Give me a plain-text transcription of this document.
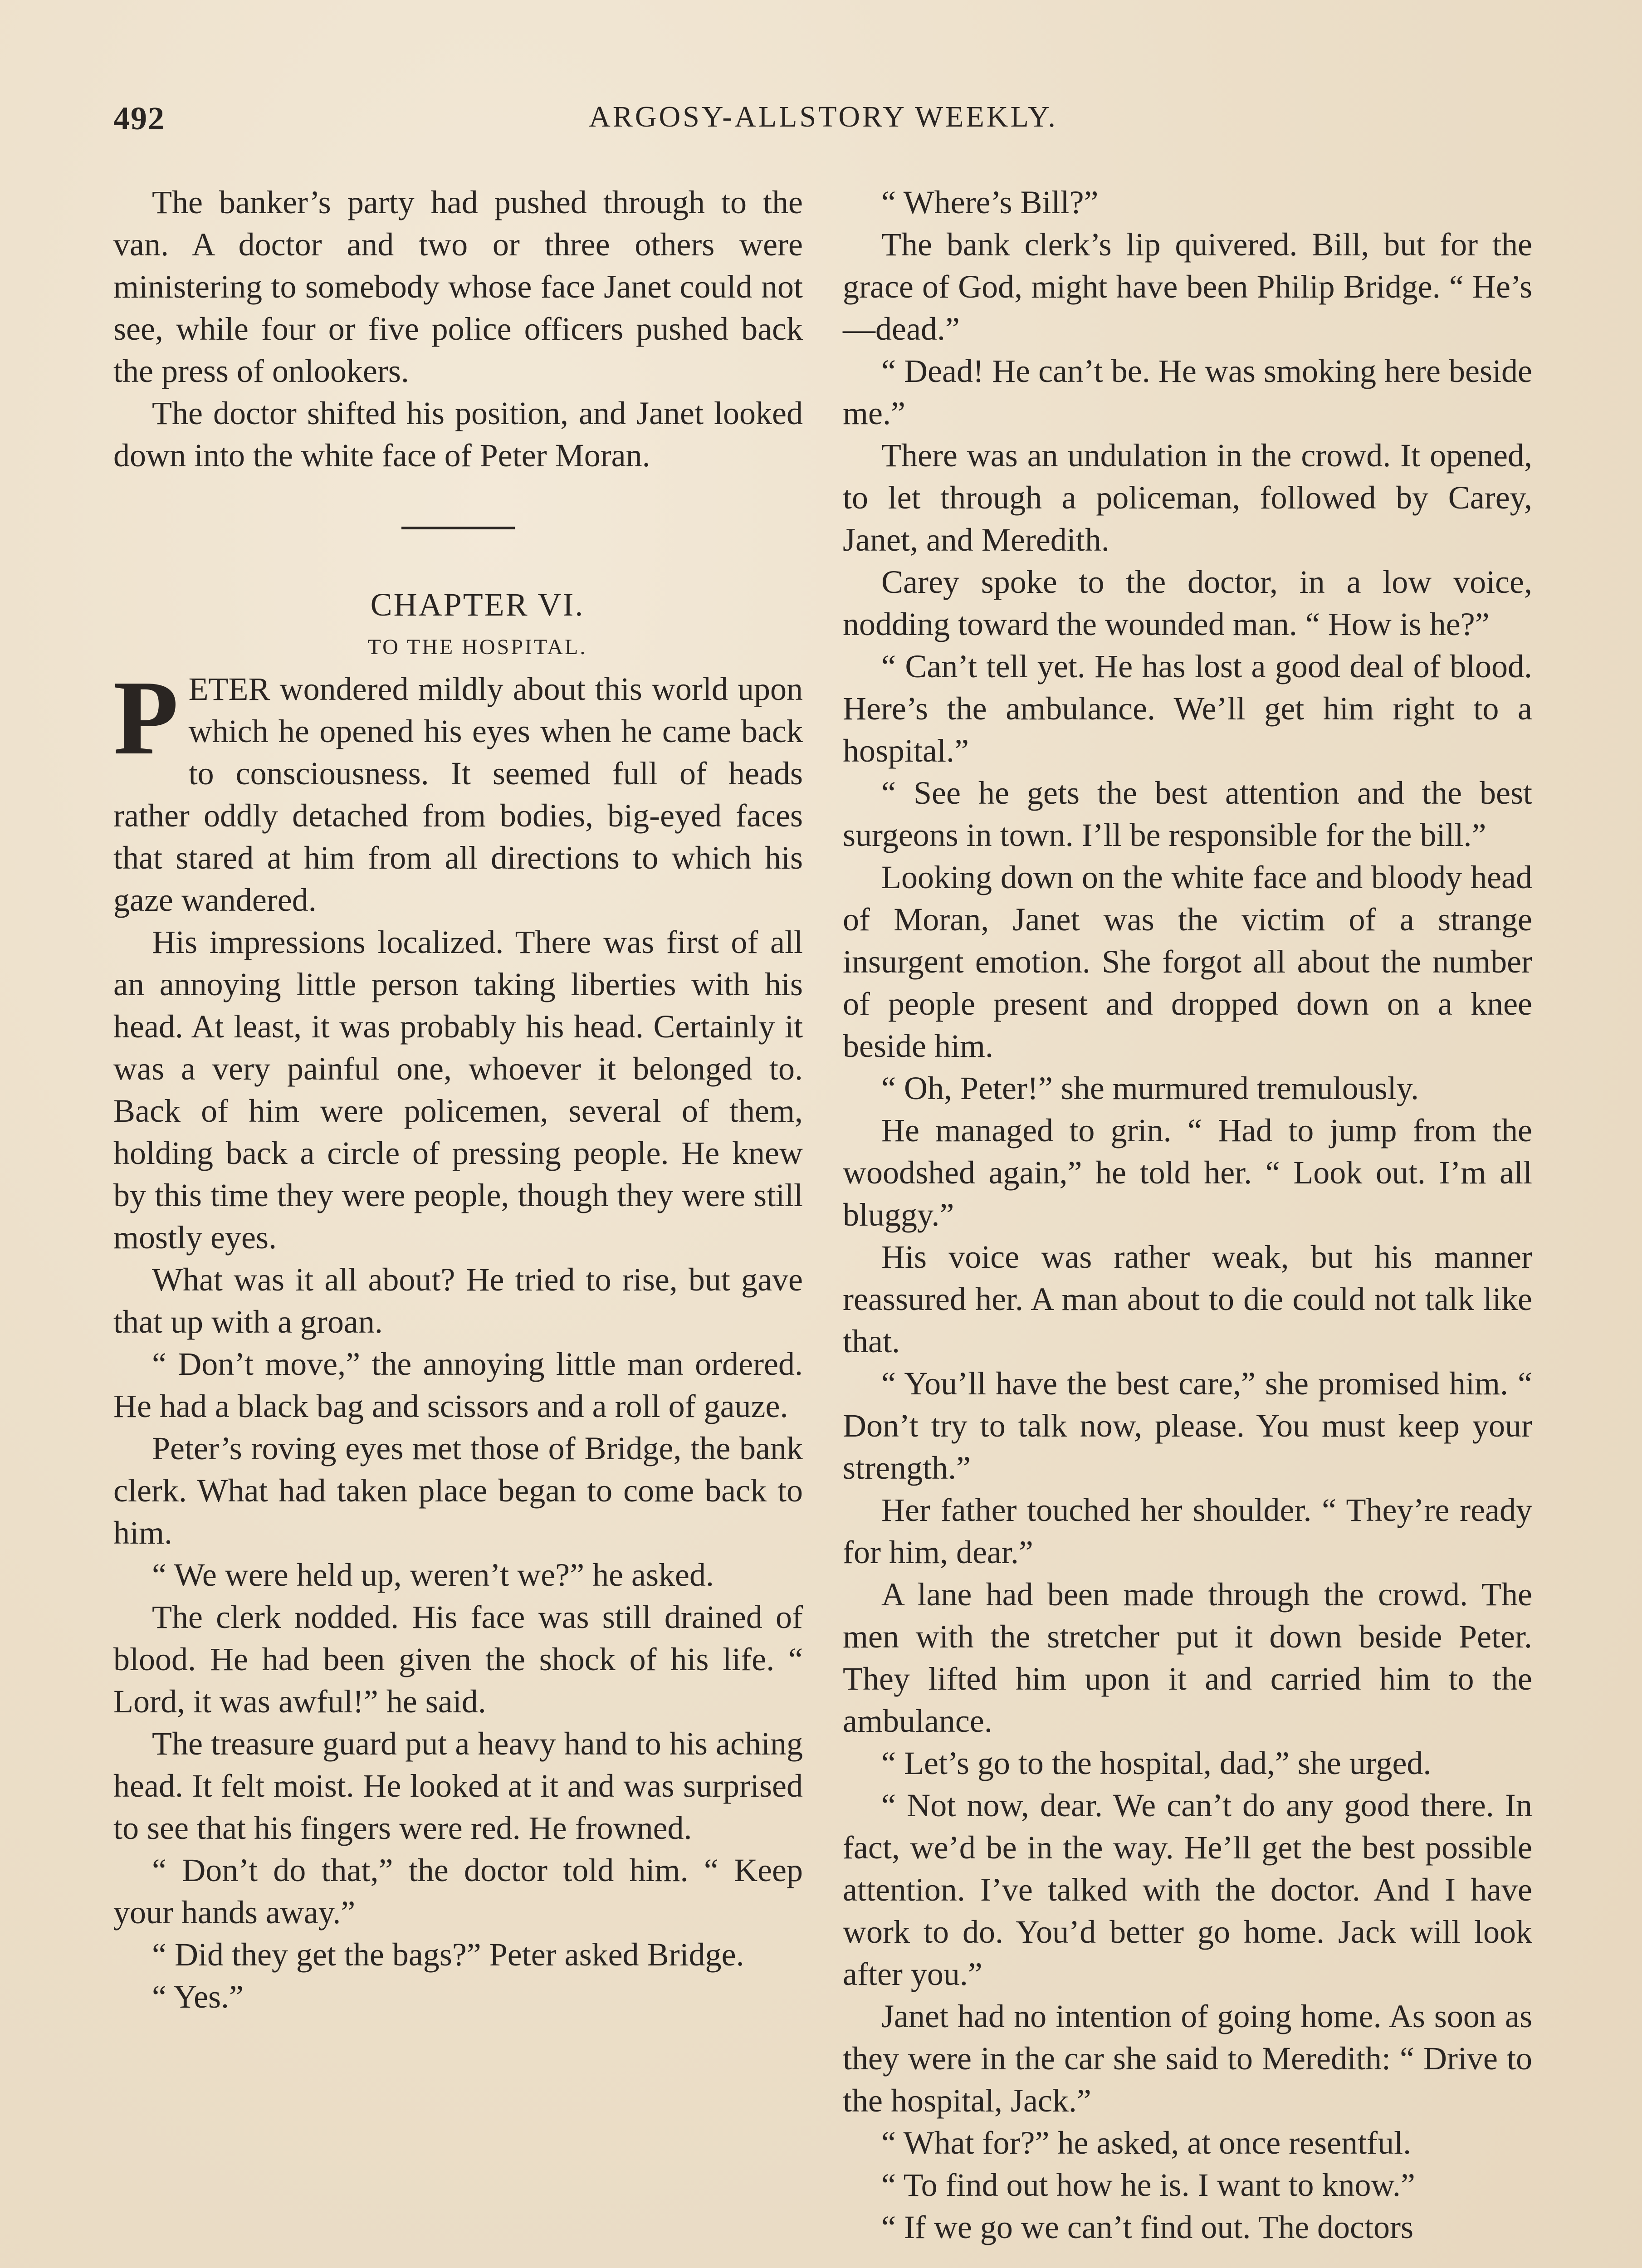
492	ARGOSY-ALLSTORY WEEKLY.

The banker’s party had pushed through to the van. A doctor and two or three others were ministering to somebody whose face Janet could not see, while four or five police officers pushed back the press of onlookers.

The doctor shifted his position, and Janet looked down into the white face of Peter Moran.

CHAPTER VI.

TO THE HOSPITAL.

PETER wondered mildly about this world upon which he opened his eyes when he came back to consciousness. It seemed full of heads rather oddly detached from bodies, big-eyed faces that stared at him from all directions to which his gaze wandered.

His impressions localized. There was first of all an annoying little person taking liberties with his head. At least, it was probably his head. Certainly it was a very painful one, whoever it belonged to. Back of him were policemen, several of them, holding back a circle of pressing people. He knew by this time they were people, though they were still mostly eyes.

What was it all about? He tried to rise, but gave that up with a groan.

“ Don’t move,” the annoying little man ordered. He had a black bag and scissors and a roll of gauze.

Peter’s roving eyes met those of Bridge, the bank clerk. What had taken place began to come back to him.

“ We were held up, weren’t we?” he asked.

The clerk nodded. His face was still drained of blood. He had been given the shock of his life. “ Lord, it was awful!” he said.

The treasure guard put a heavy hand to his aching head. It felt moist. He looked at it and was surprised to see that his fingers were red. He frowned.

“ Don’t do that,” the doctor told him. “ Keep your hands away.”

“ Did they get the bags?” Peter asked Bridge.

“ Yes.”

“ Where’s Bill?”

The bank clerk’s lip quivered. Bill, but for the grace of God, might have been Philip Bridge. “ He’s—dead.”

“ Dead! He can’t be. He was smoking here beside me.”

There was an undulation in the crowd. It opened, to let through a policeman, followed by Carey, Janet, and Meredith.

Carey spoke to the doctor, in a low voice, nodding toward the wounded man. “ How is he?”

“ Can’t tell yet. He has lost a good deal of blood. Here’s the ambulance. We’ll get him right to a hospital.”

“ See he gets the best attention and the best surgeons in town. I’ll be responsible for the bill.”

Looking down on the white face and bloody head of Moran, Janet was the victim of a strange insurgent emotion. She forgot all about the number of people present and dropped down on a knee beside him.

“ Oh, Peter!” she murmured tremulously.

He managed to grin. “ Had to jump from the woodshed again,” he told her. “ Look out. I’m all bluggy.”

His voice was rather weak, but his manner reassured her. A man about to die could not talk like that.

“ You’ll have the best care,” she promised him. “ Don’t try to talk now, please. You must keep your strength.”

Her father touched her shoulder. “ They’re ready for him, dear.”

A lane had been made through the crowd. The men with the stretcher put it down beside Peter. They lifted him upon it and carried him to the ambulance.

“ Let’s go to the hospital, dad,” she urged.

“ Not now, dear. We can’t do any good there. In fact, we’d be in the way. He’ll get the best possible attention. I’ve talked with the doctor. And I have work to do. You’d better go home. Jack will look after you.”

Janet had no intention of going home. As soon as they were in the car she said to Meredith: “ Drive to the hospital, Jack.”

“ What for?” he asked, at once resentful.

“ To find out how he is. I want to know.”

“ If we go we can’t find out. The doctors
